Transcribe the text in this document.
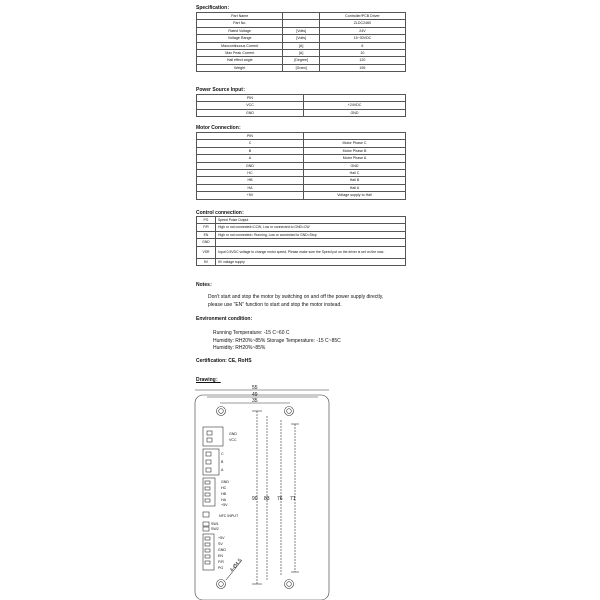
Specification：
Part Name		Controller/PCB Driver
Part No.		ZLDC2460
Rated Voltage	[Volts]	24V
Voltage Range	[Volts]	15~30VDC
Maxcontinuous Current	[A]	6
Max Peak Current	[A]	10
Hall effect angle	[Degree]	120
Weight	[Gram]	195
Power Source Input：
PIN	
VCC	+24VDC
GND	GND
Motor Connection：
PIN	
C	Motor Phase C
B	Motor Phase B
A	Motor Phase A
GND	GND
HC	Hall C
HB	Hall B
HA	Hall A
+5V	Voltage supply to Hall
Control connection：
PG	Speed Pulse Output
F/R	High or not connected=CCW, Low or connected to GND=CW
EN	High or not connected= Running, Low or connected to GND=Stop
GND	
VSR	Input 0-5VDC voltage to change motor speed, Please make sure the Speed pot on the driver is set on the max.
5V	5V voltage supply
Notes：
Don't start and stop the motor by switching on and off the power supply directly,
please use "EN" function to start and stop the motor instead.
Environment condition：
Running Temperature: -15 C~60 C
Humidity: RH20%~85% Storage Temperature: -15 C~85C
Humidity: RH20%~85%
Certification: CE, RoHS
Drawing：
55
49
35
90 83 76 71
4-Ø4.5
GND
VCC
C
B
A
GND
HC
HB
HA
+5V
NFC INPUT
SW1
SW2
+5V
SV
GND
EN
F/R
PG
